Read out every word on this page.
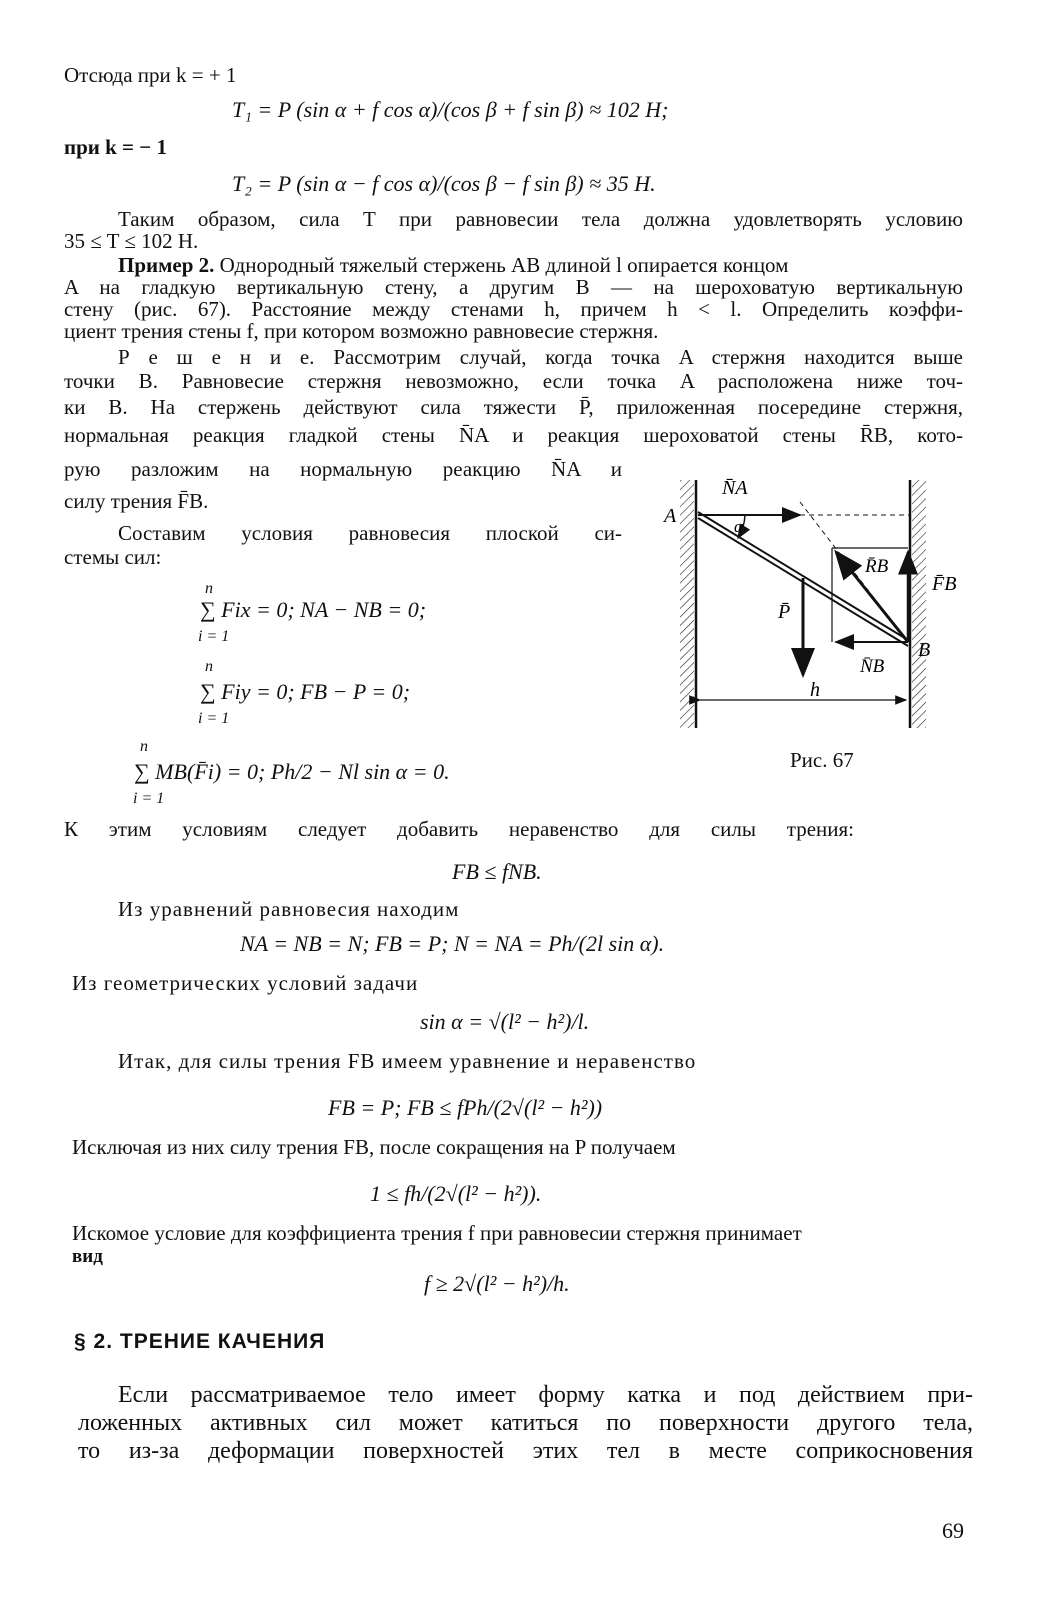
Отсюда при k = + 1
T₁ = P (sin α + f cos α)/(cos β + f sin β) ≈ 102 Н;
при k = − 1
T₂ = P (sin α − f cos α)/(cos β − f sin β) ≈ 35 Н.
Таким образом, сила T при равновесии тела должна удовлетворять условию
35 ≤ T ≤ 102 Н.
Пример 2. Однородный тяжелый стержень AB длиной l опирается концом
A на гладкую вертикальную стену, а другим B — на шероховатую вертикальную
стену (рис. 67). Расстояние между стенами h, причем h < l. Определить коэффи-
циент трения стены f, при котором возможно равновесие стержня.
Р е ш е н и е. Рассмотрим случай, когда точка A стержня находится выше
точки B. Равновесие стержня невозможно, если точка A расположена ниже точ-
ки B. На стержень действуют сила тяжести P̄, приложенная посередине стержня,
нормальная реакция гладкой стены N̄A и реакция шероховатой стены R̄B, кото-
рую разложим на нормальную реакцию N̄A и
силу трения F̄B.
Составим условия равновесия плоской си-
стемы сил:
n
∑ Fix = 0; NA − NB = 0;
i = 1
n
∑ Fiy = 0; FB − P = 0;
i = 1
n
∑ MB(F̄i) = 0; Ph/2 − Nl sin α = 0.
i = 1
A
B
N̄A
α
R̄B
F̄B
P̄
N̄B
h
Рис. 67
К этим условиям следует добавить неравенство для силы трения:
FB ≤ fNB.
Из уравнений равновесия находим
NA = NB = N; FB = P; N = NA = Ph/(2l sin α).
Из геометрических условий задачи
sin α = √(l² − h²)/l.
Итак, для силы трения FB имеем уравнение и неравенство
FB = P; FB ≤ fPh/(2√(l² − h²))
Исключая из них силу трения FB, после сокращения на P получаем
1 ≤ fh/(2√(l² − h²)).
Искомое условие для коэффициента трения f при равновесии стержня принимает
вид
f ≥ 2√(l² − h²)/h.
§ 2. ТРЕНИЕ КАЧЕНИЯ
Если рассматриваемое тело имеет форму катка и под действием при-
ложенных активных сил может катиться по поверхности другого тела,
то из-за деформации поверхностей этих тел в месте соприкосновения
69
